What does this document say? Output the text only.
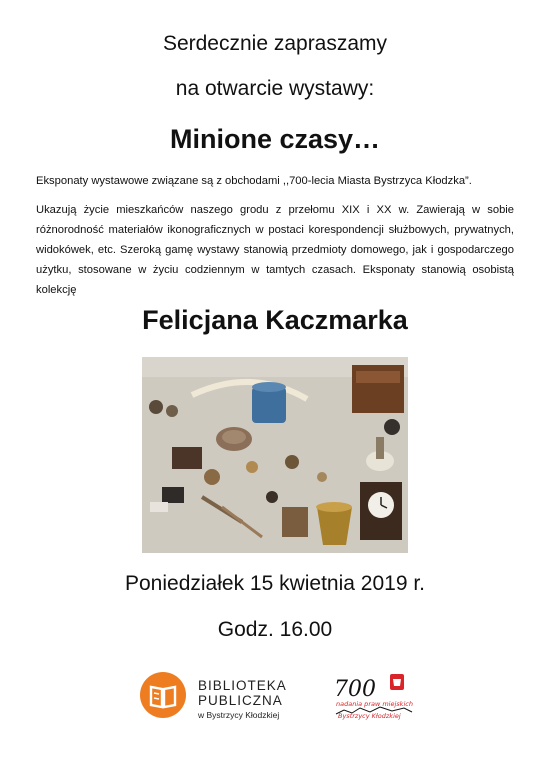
Serdecznie zapraszamy
na otwarcie wystawy:
Minione czasy…
Eksponaty wystawowe związane są z obchodami ,,700-lecia Miasta Bystrzyca Kłodzka”.
Ukazują życie mieszkańców naszego grodu z przełomu XIX i XX w. Zawierają w sobie różnorodność materiałów ikonograficznych w postaci korespondencji służbowych, prywatnych, widokówek, etc. Szeroką gamę wystawy stanowią przedmioty domowego, jak i gospodarczego użytku, stosowane w życiu codziennym w tamtych czasach. Eksponaty stanowią osobistą kolekcję
Felicjana Kaczmarka
Poniedziałek 15 kwietnia 2019 r.
Godz. 16.00
BIBLIOTEKA
PUBLICZNA
w Bystrzycy Kłodzkiej
700
nadania praw miejskich
Bystrzycy Kłodzkiej
